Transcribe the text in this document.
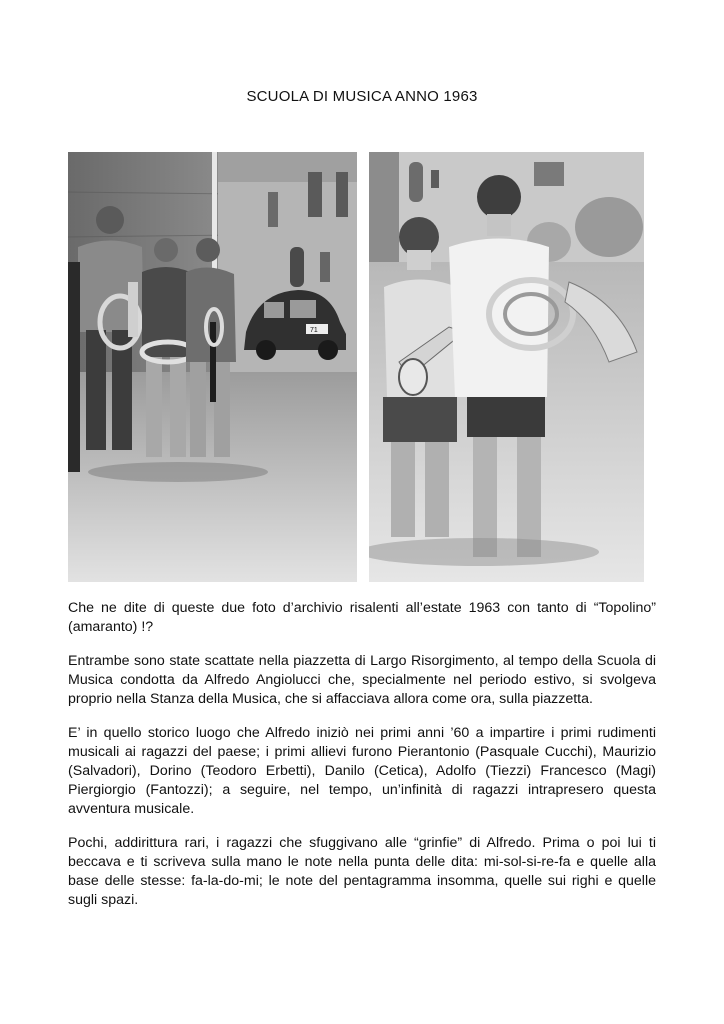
SCUOLA DI MUSICA ANNO 1963
71

Che ne dite di queste due foto d’archivio risalenti all’estate 1963 con tanto di “Topolino” (amaranto) !?

Entrambe sono state scattate nella piazzetta di Largo Risorgimento, al tempo della Scuola di Musica condotta da Alfredo Angiolucci che, specialmente nel periodo estivo, si svolgeva proprio nella Stanza della Musica, che si affacciava allora come ora, sulla piazzetta.

E’ in quello storico luogo che Alfredo iniziò nei primi anni ’60 a impartire i primi rudimenti musicali ai ragazzi del paese; i primi allievi furono Pierantonio (Pasquale Cucchi), Maurizio (Salvadori), Dorino (Teodoro Erbetti), Danilo (Cetica), Adolfo (Tiezzi) Francesco (Magi) Piergiorgio (Fantozzi); a seguire, nel tempo, un’infinità di ragazzi intrapresero questa avventura musicale.

Pochi, addirittura rari, i ragazzi che sfuggivano alle “grinfie” di Alfredo. Prima o poi lui ti beccava e ti scriveva sulla mano le note nella punta delle dita: mi-sol-si-re-fa e quelle alla base delle stesse: fa-la-do-mi; le note del pentagramma insomma, quelle sui righi e quelle sugli spazi.
